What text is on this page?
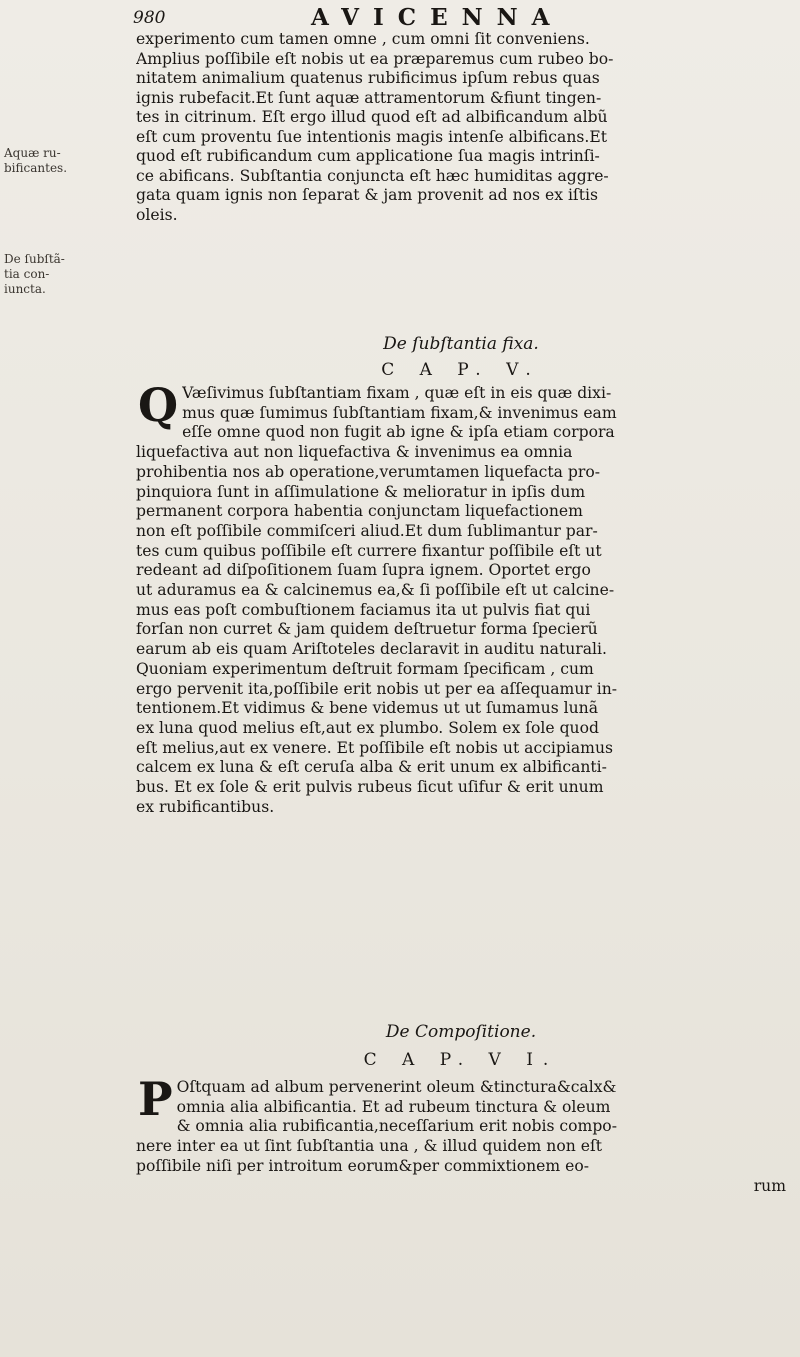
980	AVICENNA
Aquæ ru-
bificantes.
De ſubſtã-
tia con-
iuncta.
experimento cum tamen omne , cum omni ſit conveniens.
Amplius poſſibile eſt nobis ut ea præparemus cum rubeo bo-
nitatem animalium quatenus rubificimus ipſum rebus quas
ignis rubefacit.Et ſunt aquæ attramentorum &fiunt tingen-
tes in citrinum. Eſt ergo illud quod eſt ad albificandum albũ
eſt cum proventu ſue intentionis magis intenſe albificans.Et
quod eſt rubificandum cum applicatione ſua magis intrinſi-
ce abificans. Subſtantia conjuncta eſt hæc humiditas aggre-
gata quam ignis non ſeparat & jam provenit ad nos ex iſtis
oleis.
De ſubſtantia fixa.
C A P. V.
Q Væſivimus ſubſtantiam fixam , quæ eſt in eis quæ dixi-
mus quæ ſumimus ſubſtantiam fixam,& invenimus eam
eſſe omne quod non fugit ab igne & ipſa etiam corpora
liquefactiva aut non liquefactiva & invenimus ea omnia
prohibentia nos ab operatione,verumtamen liquefacta pro-
pinquiora ſunt in aſſimulatione & melioratur in ipſis dum
permanent corpora habentia conjunctam liquefactionem
non eſt poſſibile commiſceri aliud.Et dum ſublimantur par-
tes cum quibus poſſibile eſt currere fixantur poſſibile eſt ut
redeant ad diſpoſitionem ſuam ſupra ignem. Oportet ergo
ut aduramus ea & calcinemus ea,& ſi poſſibile eſt ut calcine-
mus eas poſt combuſtionem faciamus ita ut pulvis fiat qui
forſan non curret & jam quidem deſtruetur forma ſpecierũ
earum ab eis quam Ariſtoteles declaravit in auditu naturali.
Quoniam experimentum deſtruit formam ſpecificam , cum
ergo pervenit ita,poſſibile erit nobis ut per ea aſſequamur in-
tentionem.Et vidimus & bene videmus ut ut ſumamus lunã
ex luna quod melius eſt,aut ex plumbo. Solem ex ſole quod
eſt melius,aut ex venere. Et poſſibile eſt nobis ut accipiamus
calcem ex luna & eſt ceruſa alba & erit unum ex albificanti-
bus. Et ex ſole & erit pulvis rubeus ſicut uſifur & erit unum
ex rubificantibus.
De Compoſitione.
C A P. V I.
P Oſtquam ad album pervenerint oleum &tinctura&calx&
omnia alia albificantia. Et ad rubeum tinctura & oleum
& omnia alia rubificantia,neceſſarium erit nobis compo-
nere inter ea ut ſint ſubſtantia una , & illud quidem non eſt
poſſibile niſi per introitum eorum&per commixtionem eo-
rum
